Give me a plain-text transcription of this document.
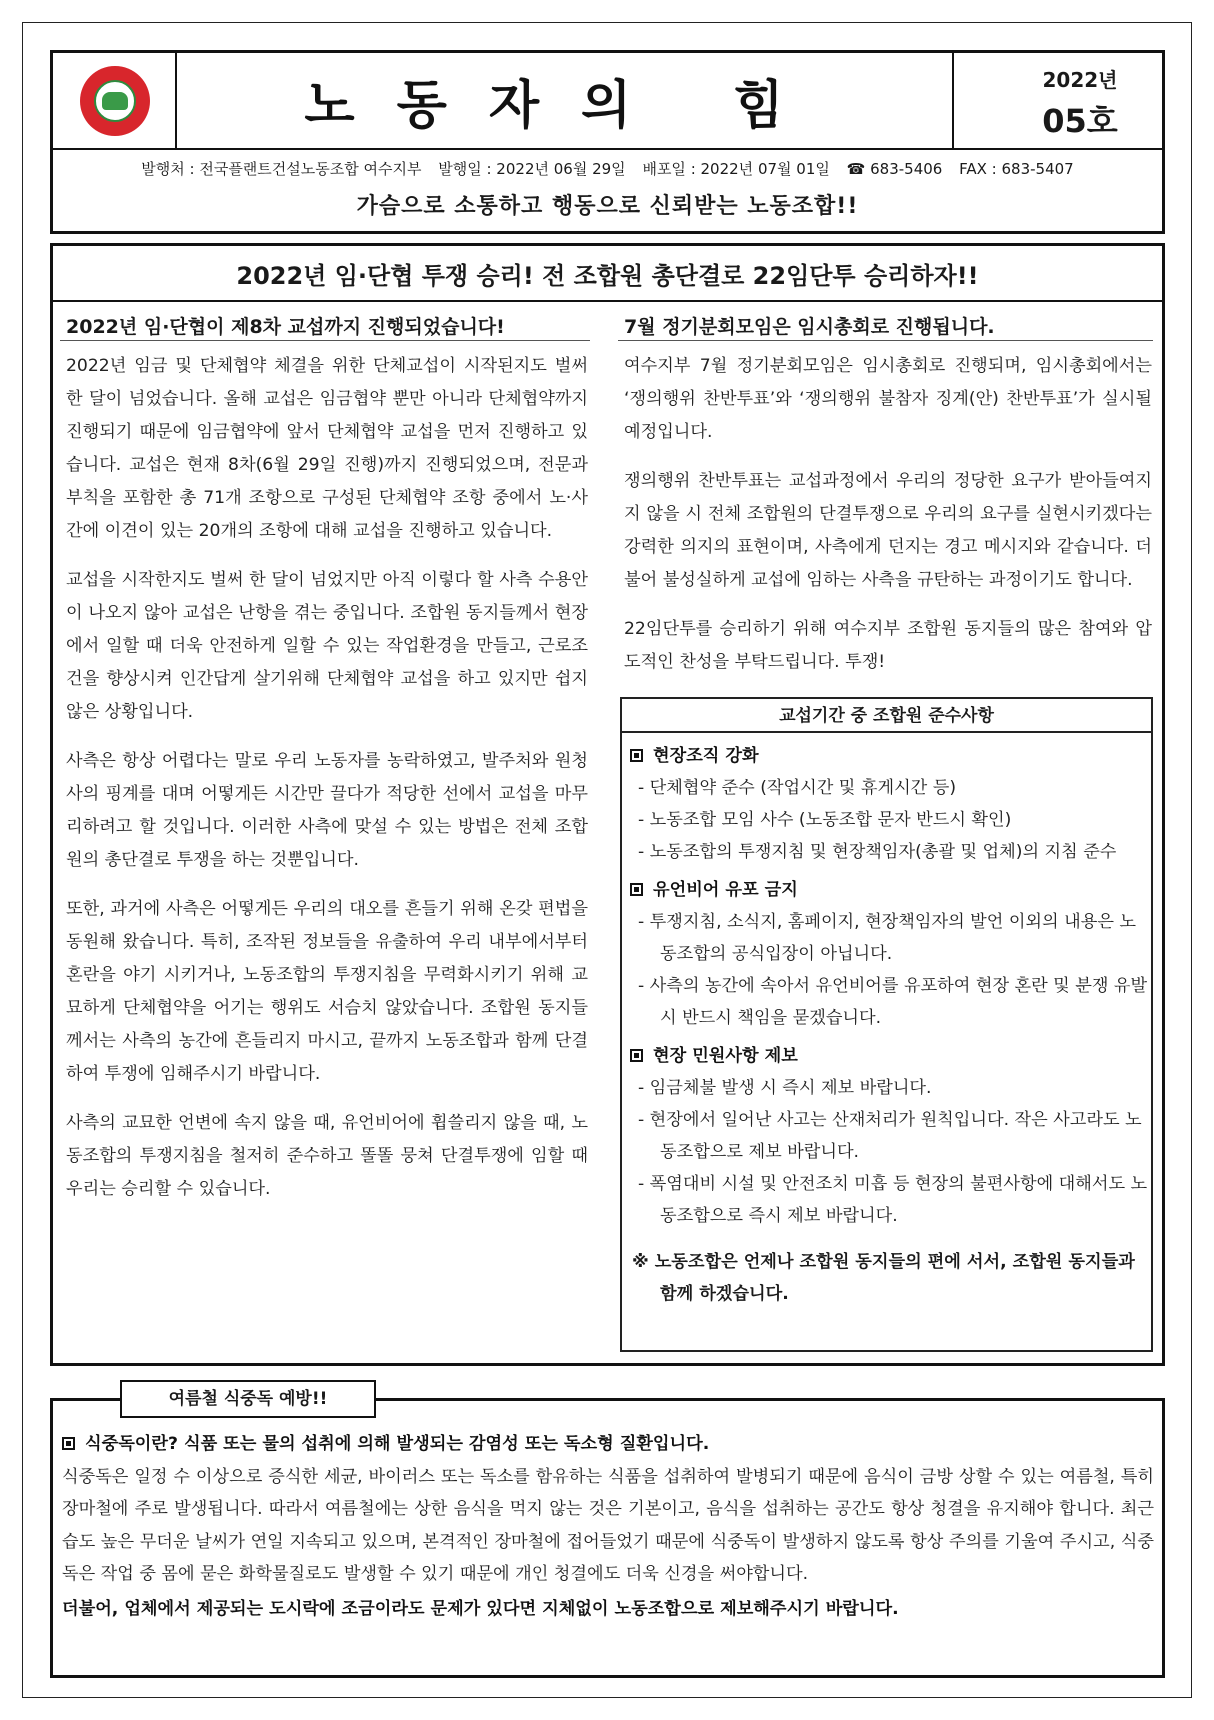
노동자의 힘	2022년
05호
발행처 : 전국플랜트건설노동조합 여수지부 발행일 : 2022년 06월 29일 배포일 : 2022년 07월 01일 ☎ 683-5406 FAX : 683-5407
가슴으로 소통하고 행동으로 신뢰받는 노동조합!!
2022년 임·단협 투쟁 승리! 전 조합원 총단결로 22임단투 승리하자!!
2022년 임·단협이 제8차 교섭까지 진행되었습니다!

2022년 임금 및 단체협약 체결을 위한 단체교섭이 시작된지도 벌써 한 달이 넘었습니다. 올해 교섭은 임금협약 뿐만 아니라 단체협약까지 진행되기 때문에 임금협약에 앞서 단체협약 교섭을 먼저 진행하고 있습니다. 교섭은 현재 8차(6월 29일 진행)까지 진행되었으며, 전문과 부칙을 포함한 총 71개 조항으로 구성된 단체협약 조항 중에서 노·사간에 이견이 있는 20개의 조항에 대해 교섭을 진행하고 있습니다.

교섭을 시작한지도 벌써 한 달이 넘었지만 아직 이렇다 할 사측 수용안이 나오지 않아 교섭은 난항을 겪는 중입니다. 조합원 동지들께서 현장에서 일할 때 더욱 안전하게 일할 수 있는 작업환경을 만들고, 근로조건을 향상시켜 인간답게 살기위해 단체협약 교섭을 하고 있지만 쉽지 않은 상황입니다.

사측은 항상 어렵다는 말로 우리 노동자를 농락하였고, 발주처와 원청사의 핑계를 대며 어떻게든 시간만 끌다가 적당한 선에서 교섭을 마무리하려고 할 것입니다. 이러한 사측에 맞설 수 있는 방법은 전체 조합원의 총단결로 투쟁을 하는 것뿐입니다.

또한, 과거에 사측은 어떻게든 우리의 대오를 흔들기 위해 온갖 편법을 동원해 왔습니다. 특히, 조작된 정보들을 유출하여 우리 내부에서부터 혼란을 야기 시키거나, 노동조합의 투쟁지침을 무력화시키기 위해 교묘하게 단체협약을 어기는 행위도 서슴치 않았습니다. 조합원 동지들께서는 사측의 농간에 흔들리지 마시고, 끝까지 노동조합과 함께 단결하여 투쟁에 임해주시기 바랍니다.

사측의 교묘한 언변에 속지 않을 때, 유언비어에 휩쓸리지 않을 때, 노동조합의 투쟁지침을 철저히 준수하고 똘똘 뭉쳐 단결투쟁에 임할 때 우리는 승리할 수 있습니다.

7월 정기분회모임은 임시총회로 진행됩니다.

여수지부 7월 정기분회모임은 임시총회로 진행되며, 임시총회에서는 ‘쟁의행위 찬반투표’와 ‘쟁의행위 불참자 징계(안) 찬반투표’가 실시될 예정입니다.

쟁의행위 찬반투표는 교섭과정에서 우리의 정당한 요구가 받아들여지지 않을 시 전체 조합원의 단결투쟁으로 우리의 요구를 실현시키겠다는 강력한 의지의 표현이며, 사측에게 던지는 경고 메시지와 같습니다. 더불어 불성실하게 교섭에 임하는 사측을 규탄하는 과정이기도 합니다.

22임단투를 승리하기 위해 여수지부 조합원 동지들의 많은 참여와 압도적인 찬성을 부탁드립니다. 투쟁!

교섭기간 중 조합원 준수사항
현장조직 강화
- 단체협약 준수 (작업시간 및 휴게시간 등)
- 노동조합 모임 사수 (노동조합 문자 반드시 확인)
- 노동조합의 투쟁지침 및 현장책임자(총괄 및 업체)의 지침 준수
유언비어 유포 금지
- 투쟁지침, 소식지, 홈페이지, 현장책임자의 발언 이외의 내용은 노동조합의 공식입장이 아닙니다.
- 사측의 농간에 속아서 유언비어를 유포하여 현장 혼란 및 분쟁 유발 시 반드시 책임을 묻겠습니다.
현장 민원사항 제보
- 임금체불 발생 시 즉시 제보 바랍니다.
- 현장에서 일어난 사고는 산재처리가 원칙입니다. 작은 사고라도 노동조합으로 제보 바랍니다.
- 폭염대비 시설 및 안전조치 미흡 등 현장의 불편사항에 대해서도 노동조합으로 즉시 제보 바랍니다.
※ 노동조합은 언제나 조합원 동지들의 편에 서서, 조합원 동지들과 함께 하겠습니다.
여름철 식중독 예방!!
식중독이란? 식품 또는 물의 섭취에 의해 발생되는 감염성 또는 독소형 질환입니다.
식중독은 일정 수 이상으로 증식한 세균, 바이러스 또는 독소를 함유하는 식품을 섭취하여 발병되기 때문에 음식이 금방 상할 수 있는 여름철, 특히 장마철에 주로 발생됩니다. 따라서 여름철에는 상한 음식을 먹지 않는 것은 기본이고, 음식을 섭취하는 공간도 항상 청결을 유지해야 합니다. 최근 습도 높은 무더운 날씨가 연일 지속되고 있으며, 본격적인 장마철에 접어들었기 때문에 식중독이 발생하지 않도록 항상 주의를 기울여 주시고, 식중독은 작업 중 몸에 묻은 화학물질로도 발생할 수 있기 때문에 개인 청결에도 더욱 신경을 써야합니다.
더불어, 업체에서 제공되는 도시락에 조금이라도 문제가 있다면 지체없이 노동조합으로 제보해주시기 바랍니다.
